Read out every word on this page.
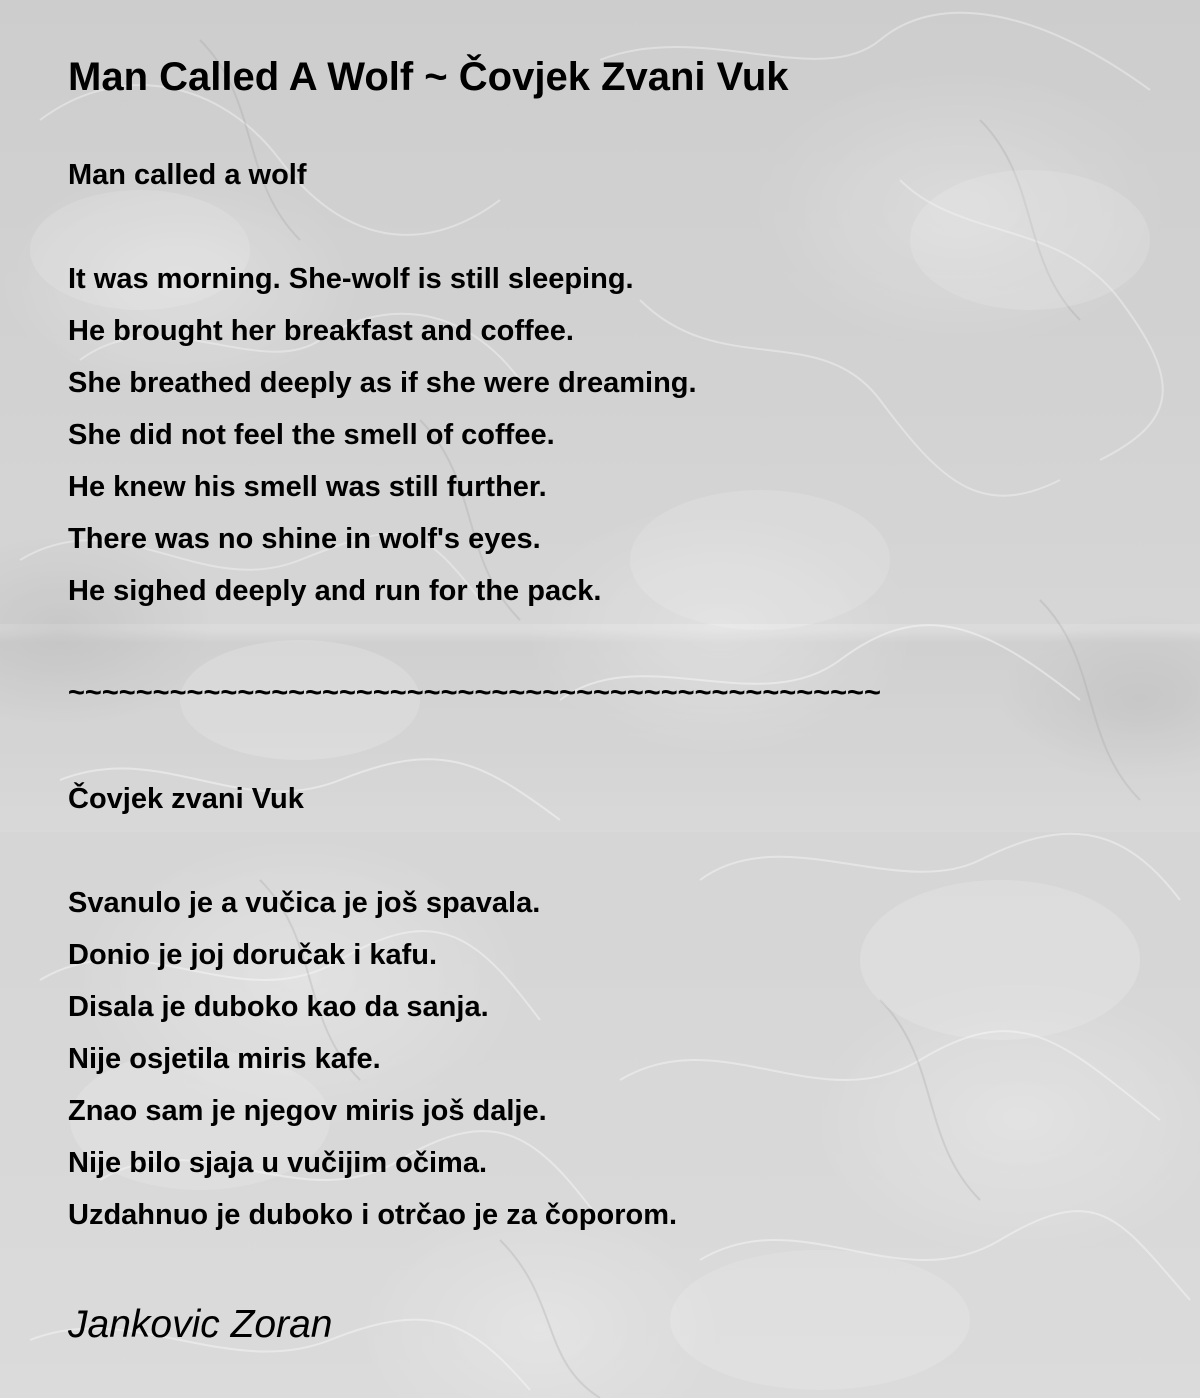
Man Called A Wolf ~ Čovjek Zvani Vuk

Man called a wolf

It was morning. She-wolf is still sleeping.

He brought her breakfast and coffee.

She breathed deeply as if she were dreaming.

She did not feel the smell of coffee.

He knew his smell was still further.

There was no shine in wolf's eyes.

He sighed deeply and run for the pack.

~~~~~~~~~~~~~~~~~~~~~~~~~~~~~~~~~~~~~~~~~~~~~~~~

Čovjek zvani Vuk

Svanulo je a vučica je još spavala.

Donio je joj doručak i kafu.

Disala je duboko kao da sanja.

Nije osjetila miris kafe.

Znao sam je njegov miris još dalje.

Nije bilo sjaja u vučijim očima.

Uzdahnuo je duboko i otrčao je za čoporom.

Jankovic Zoran
